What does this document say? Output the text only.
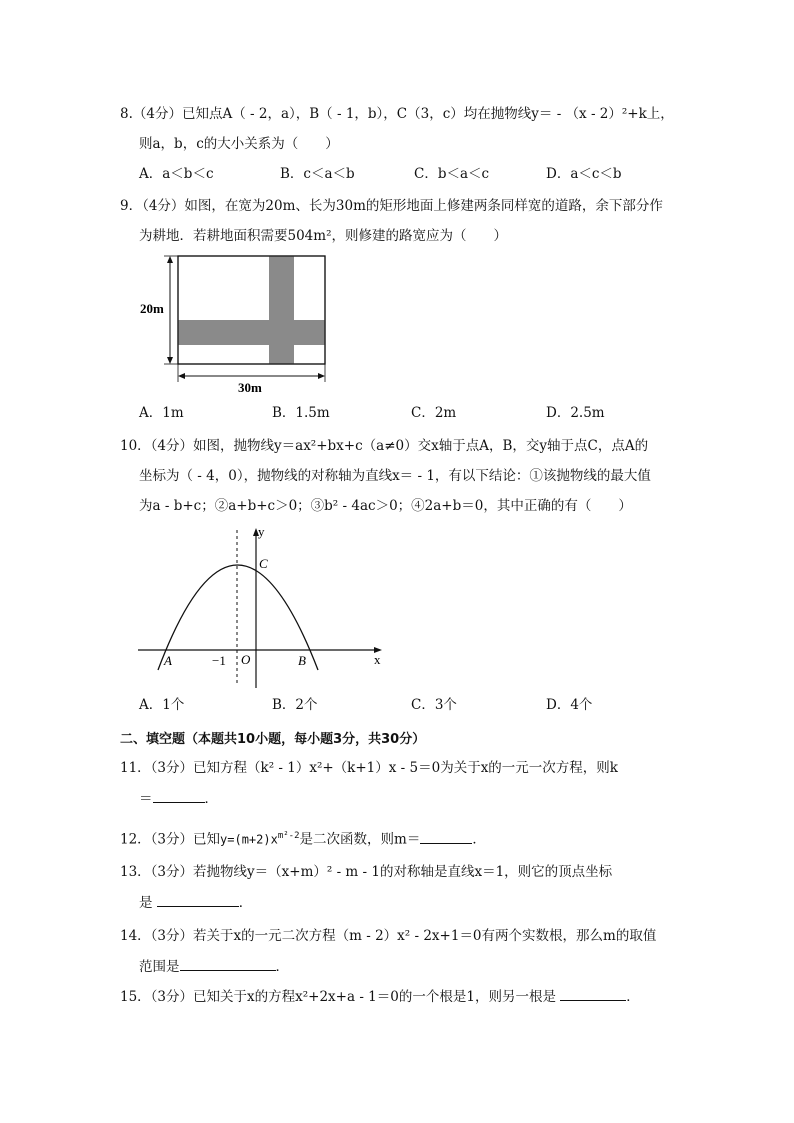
8.（4分）已知点A（ - 2，a），B（ - 1，b），C（3，c）均在抛物线y＝ - （x - 2）²+k上，
则a，b，c的大小关系为（　　）
A．a＜b＜c	B．c＜a＜b	C．b＜a＜c	D．a＜c＜b
9．（4分）如图，在宽为20m、长为30m的矩形地面上修建两条同样宽的道路，余下部分作
为耕地．若耕地面积需要504m²，则修建的路宽应为（　　）
20m
30m
A．1m	B．1.5m	C．2m	D．2.5m
10．（4分）如图，抛物线y＝ax²+bx+c（a≠0）交x轴于点A，B，交y轴于点C，点A的
坐标为（ - 4，0），抛物线的对称轴为直线x＝ - 1，有以下结论：①该抛物线的最大值
为a - b+c；②a+b+c＞0；③b² - 4ac＞0；④2a+b＝0，其中正确的有（　　）
y
x
C
A	B
O
−1
A．1个	B．2个	C．3个	D．4个
二、填空题（本题共10小题，每小题3分，共30分）
11．（3分）已知方程（k² - 1）x²+（k+1）x - 5＝0为关于x的一元一次方程，则k
＝	．
12．（3分）已知$y=(m+2)x^{m^2-2}$是二次函数，则m＝	．
13．（3分）若抛物线y＝（x+m）² - m - 1的对称轴是直线x＝1，则它的顶点坐标
是	．
14．（3分）若关于x的一元二次方程（m - 2）x² - 2x+1＝0有两个实数根，那么m的取值
范围是	．
15．（3分）已知关于x的方程x²+2x+a - 1＝0的一个根是1，则另一根是	．
